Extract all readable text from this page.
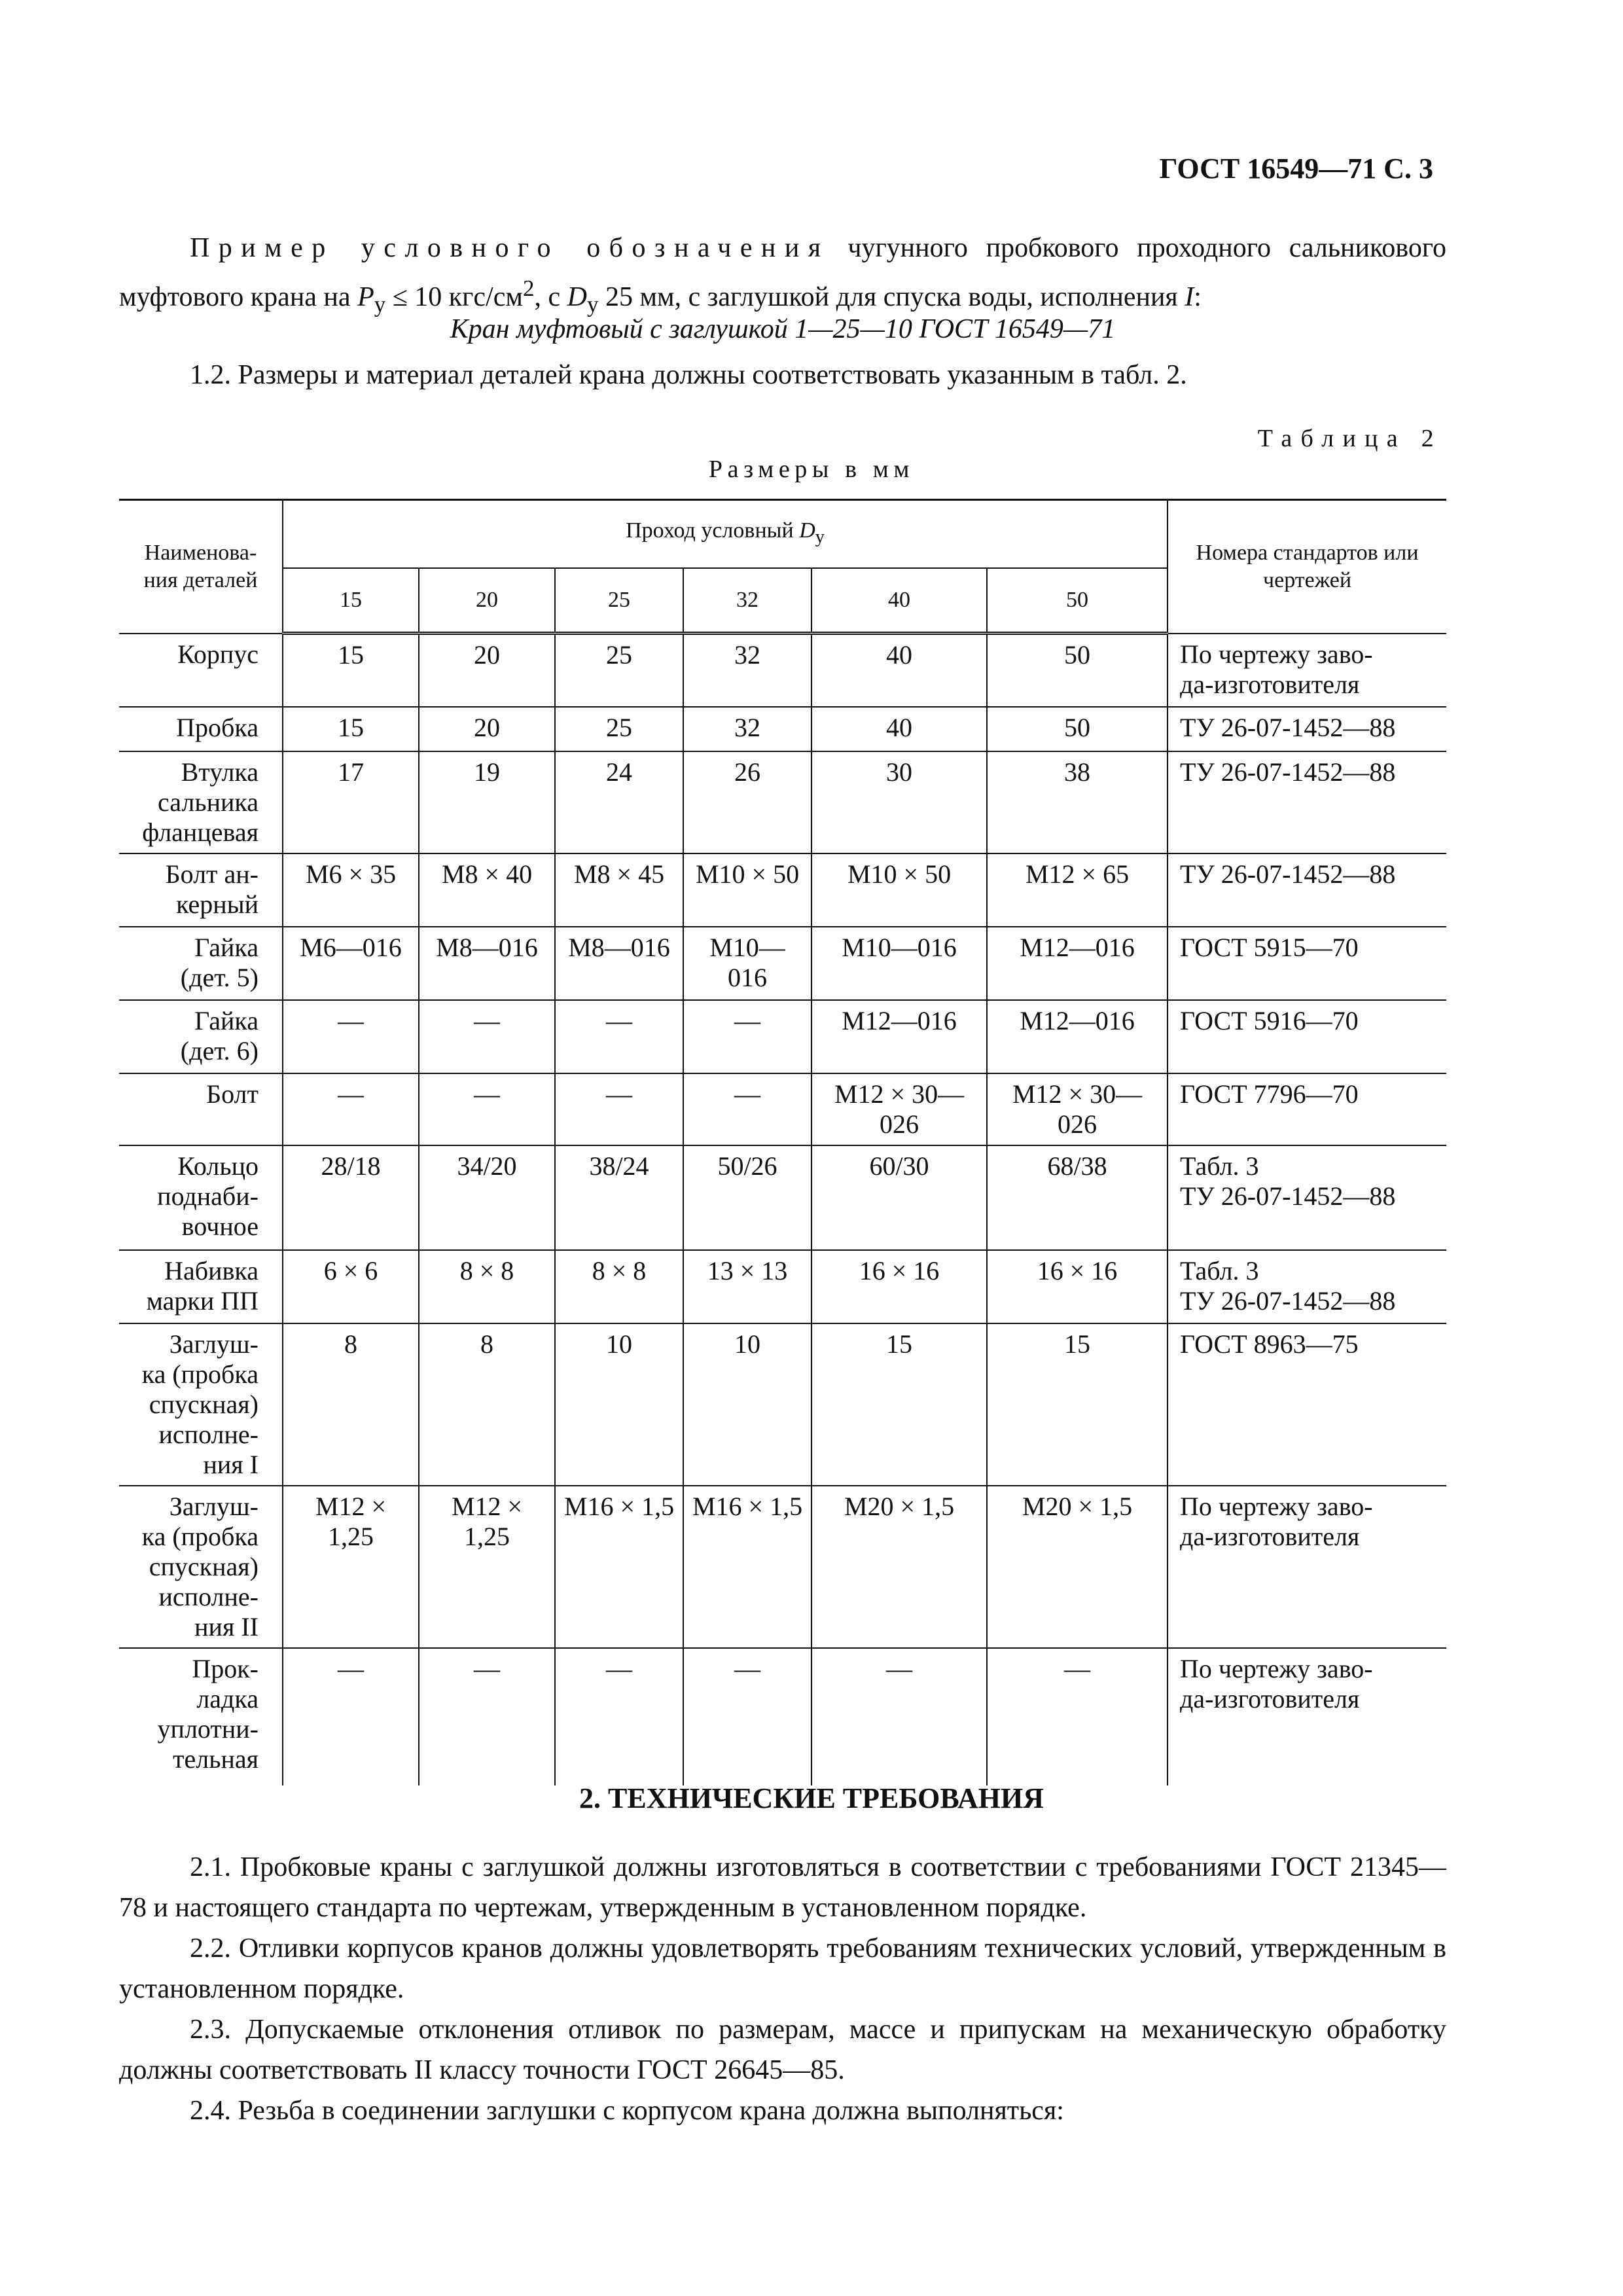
ГОСТ 16549—71 С. 3
Пример условного обозначения чугунного пробкового проходного сальникового муфтового крана на $P_у \le 10$ кгс/$см^2$, с $D_у$ 25 мм, с заглушкой для спуска воды, исполнения I:
Кран муфтовый с заглушкой 1—25—10 ГОСТ 16549—71
1.2. Размеры и материал деталей крана должны соответствовать указанным в табл. 2.
Таблица 2
Размеры в мм
Наименова-
ния деталей	Проход условный $D_у$						Номера стандартов или чертежей
	15	20	25	32	40	50	
Корпус	15	20	25	32	40	50	По чертежу заво-
да-изготовителя
Пробка	15	20	25	32	40	50	ТУ 26-07-1452—88
Втулка
сальника
фланцевая	17	19	24	26	30	38	ТУ 26-07-1452—88
Болт ан-
керный	M6 × 35	M8 × 40	M8 × 45	M10 × 50	M10 × 50	M12 × 65	ТУ 26-07-1452—88
Гайка
(дет. 5)	M6—016	M8—016	M8—016	M10—016	M10—016	M12—016	ГОСТ 5915—70
Гайка
(дет. 6)	—	—	—	—	M12—016	M12—016	ГОСТ 5916—70
Болт	—	—	—	—	M12 × 30—026	M12 × 30—026	ГОСТ 7796—70
Кольцо
поднаби-
вочное	28/18	34/20	38/24	50/26	60/30	68/38	Табл. 3
ТУ 26-07-1452—88
Набивка
марки ПП	6 × 6	8 × 8	8 × 8	13 × 13	16 × 16	16 × 16	Табл. 3
ТУ 26-07-1452—88
Заглуш-
ка (пробка
спускная)
исполне-
ния I	8	8	10	10	15	15	ГОСТ 8963—75
Заглуш-
ка (пробка
спускная)
исполне-
ния II	M12 × 1,25	M12 × 1,25	M16 × 1,5	M16 × 1,5	M20 × 1,5	M20 × 1,5	По чертежу заво-
да-изготовителя
Прок-
ладка
уплотни-
тельная	—	—	—	—	—	—	По чертежу заво-
да-изготовителя
2. ТЕХНИЧЕСКИЕ ТРЕБОВАНИЯ
2.1. Пробковые краны с заглушкой должны изготовляться в соответствии с требованиями ГОСТ 21345—78 и настоящего стандарта по чертежам, утвержденным в установленном порядке.
2.2. Отливки корпусов кранов должны удовлетворять требованиям технических условий, утвержденным в установленном порядке.
2.3. Допускаемые отклонения отливок по размерам, массе и припускам на механическую обработку должны соответствовать II классу точности ГОСТ 26645—85.
2.4. Резьба в соединении заглушки с корпусом крана должна выполняться:
